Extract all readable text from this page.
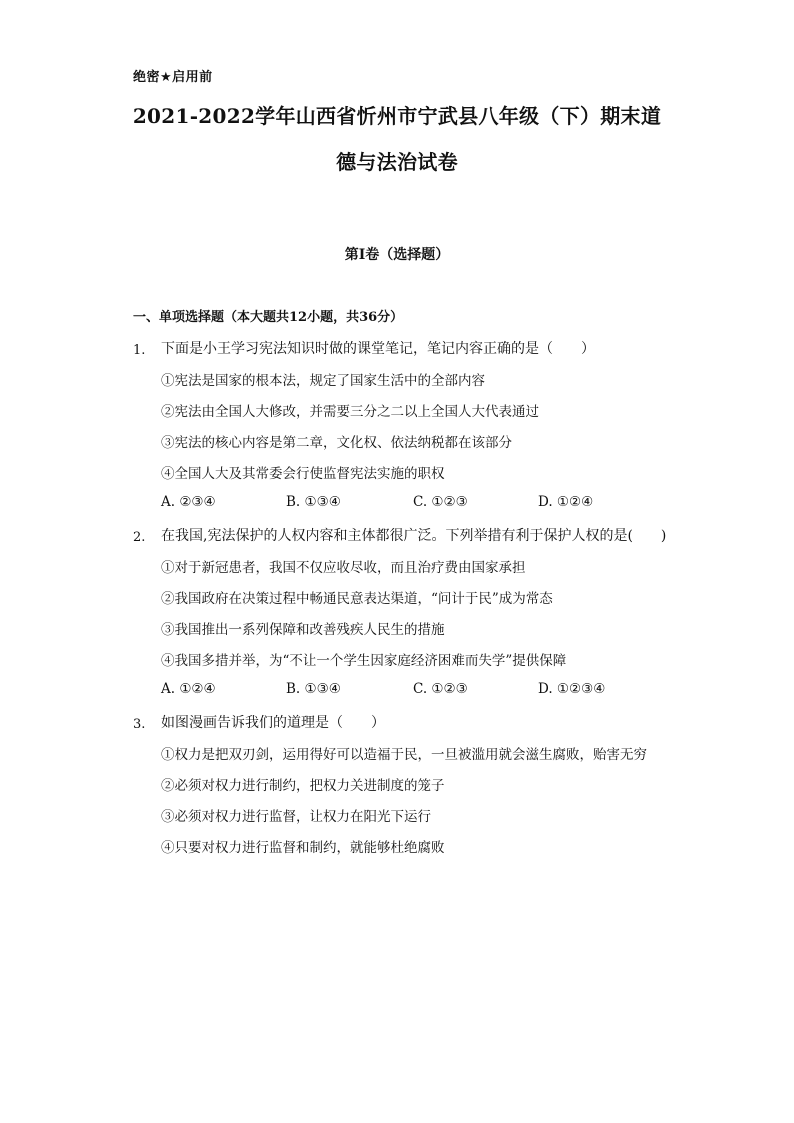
绝密★启用前
2021-2022学年山西省忻州市宁武县八年级（下）期末道
德与法治试卷
第I卷（选择题）
一、单项选择题（本大题共12小题，共36分）
1. 下面是小王学习宪法知识时做的课堂笔记，笔记内容正确的是（　　）
①宪法是国家的根本法，规定了国家生活中的全部内容
②宪法由全国人大修改，并需要三分之二以上全国人大代表通过
③宪法的核心内容是第二章，文化权、依法纳税都在该部分
④全国人大及其常委会行使监督宪法实施的职权
A. ②③④	B. ①③④	C. ①②③	D. ①②④
2. 在我国,宪法保护的人权内容和主体都很广泛。下列举措有利于保护人权的是(　　)
①对于新冠患者，我国不仅应收尽收，而且治疗费由国家承担
②我国政府在决策过程中畅通民意表达渠道，“问计于民”成为常态
③我国推出一系列保障和改善残疾人民生的措施
④我国多措并举，为“不让一个学生因家庭经济困难而失学”提供保障
A. ①②④	B. ①③④	C. ①②③	D. ①②③④
3. 如图漫画告诉我们的道理是（　　）
①权力是把双刃剑，运用得好可以造福于民，一旦被滥用就会滋生腐败，贻害无穷
②必须对权力进行制约，把权力关进制度的笼子
③必须对权力进行监督，让权力在阳光下运行
④只要对权力进行监督和制约，就能够杜绝腐败
